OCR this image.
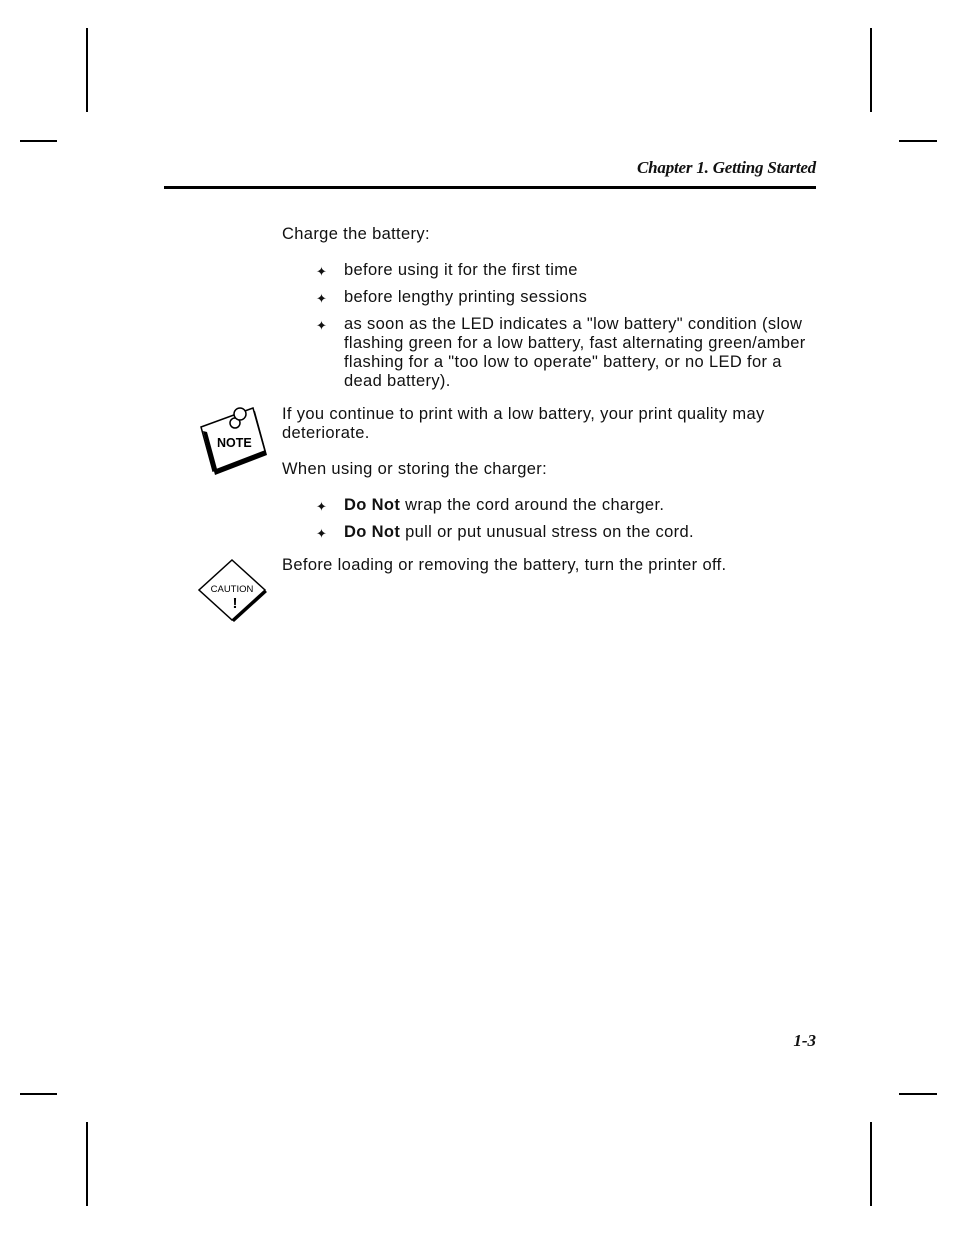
Chapter 1. Getting Started

Charge the battery:

✦ before using it for the first time

✦ before lengthy printing sessions

✦ as soon as the LED indicates a "low battery" condition (slow flashing green for a low battery, fast alternating green/amber flashing for a "too low to operate" battery, or no LED for a dead battery).

NOTE

If you continue to print with a low battery, your print quality may deteriorate.

When using or storing the charger:

✦ Do Not wrap the cord around the charger.

✦ Do Not pull or put unusual stress on the cord.

CAUTION
!

Before loading or removing the battery, turn the printer off.

1-3
